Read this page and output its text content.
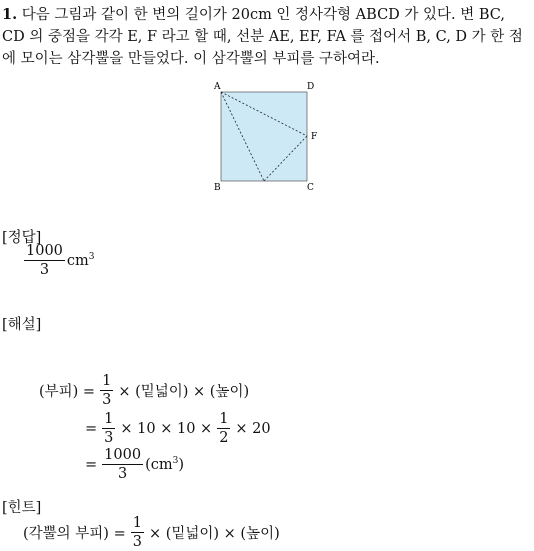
1. 다음 그림과 같이 한 변의 길이가 20cm 인 정사각형 ABCD 가 있다. 변 BC, CD 의 중점을 각각 E, F 라고 할 때, 선분 AE, EF, FA 를 접어서 B, C, D 가 한 점에 모이는 삼각뿔을 만들었다. 이 삼각뿔의 부피를 구하여라.
A	D
F
B	C
[정답]
$\frac{1000}{3} cm^3$
[해설]
(부피) = $\frac{1}{3}$ × (밑넓이) × (높이)
= $\frac{1}{3} \times 10 \times 10 \times \frac{1}{2} \times 20$
= $\frac{1000}{3} (cm^3)$
[힌트]
(각뿔의 부피) = $\frac{1}{3}$ × (밑넓이) × (높이)
